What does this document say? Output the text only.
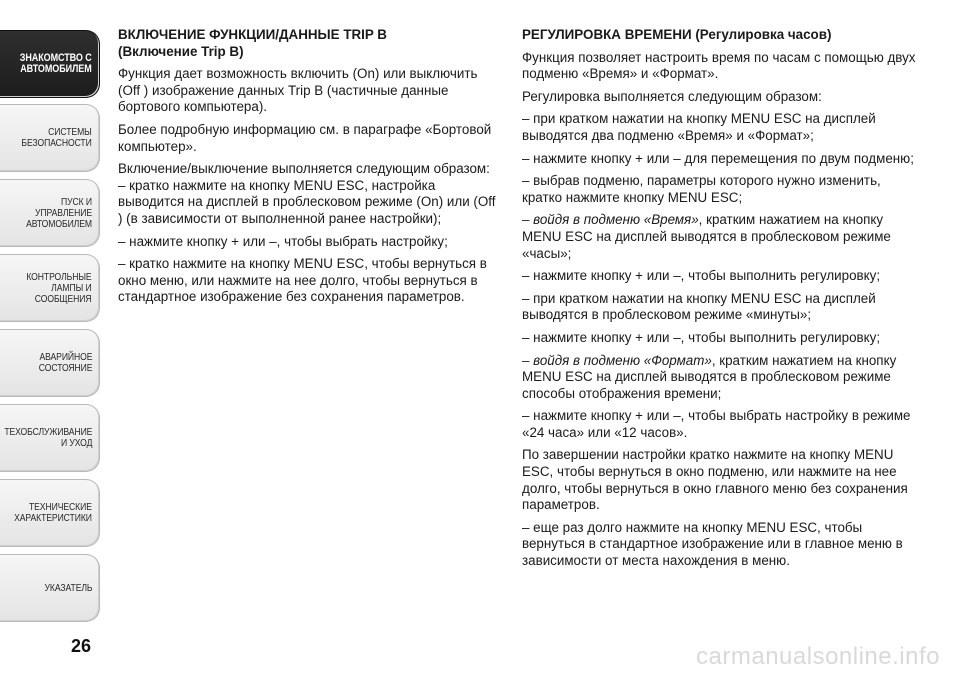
ЗНАКОМСТВО С
АВТОМОБИЛЕМ
СИСТЕМЫ
БЕЗОПАСНОСТИ
ПУСК И УПРАВЛЕНИЕ
АВТОМОБИЛЕМ
КОНТРОЛЬНЫЕ
ЛАМПЫ И
СООБЩЕНИЯ
АВАРИЙНОЕ
СОСТОЯНИЕ
ТЕХОБСЛУЖИВАНИЕ
И УХОД
ТЕХНИЧЕСКИЕ
ХАРАКТЕРИСТИКИ
УКАЗАТЕЛЬ
26
ВКЛЮЧЕНИЕ ФУНКЦИИ/ДАННЫЕ TRIP B
(Включение Trip B)

Функция дает возможность включить (On) или выключить (Off ) изображение данных Trip B (частичные данные бортового компьютера).

Более подробную информацию см. в параграфе «Бортовой компьютер».

Включение/выключение выполняется следующим образом:
– кратко нажмите на кнопку MENU ESC, настройка выводится на дисплей в проблесковом режиме (On) или (Off ) (в зависимости от выполненной ранее настройки);

– нажмите кнопку + или –, чтобы выбрать настройку;

– кратко нажмите на кнопку MENU ESC, чтобы вернуться в окно меню, или нажмите на нее долго, чтобы вернуться в стандартное изображение без сохранения параметров.

РЕГУЛИРОВКА ВРЕМЕНИ (Регулировка часов)

Функция позволяет настроить время по часам с помощью двух подменю «Время» и «Формат».

Регулировка выполняется следующим образом:

– при кратком нажатии на кнопку MENU ESC на дисплей выводятся два подменю «Время» и «Формат»;

– нажмите кнопку + или – для перемещения по двум подменю;

– выбрав подменю, параметры которого нужно изменить, кратко нажмите кнопку MENU ESC;

– войдя в подменю «Время», кратким нажатием на кнопку MENU ESC на дисплей выводятся в проблесковом режиме «часы»;

– нажмите кнопку + или –, чтобы выполнить регулировку;

– при кратком нажатии на кнопку MENU ESC на дисплей выводятся в проблесковом режиме «минуты»;

– нажмите кнопку + или –, чтобы выполнить регулировку;

– войдя в подменю «Формат», кратким нажатием на кнопку MENU ESC на дисплей выводятся в проблесковом режиме способы отображения времени;

– нажмите кнопку + или –, чтобы выбрать настройку в режиме «24 часа» или «12 часов».

По завершении настройки кратко нажмите на кнопку MENU ESC, чтобы вернуться в окно подменю, или нажмите на нее долго, чтобы вернуться в окно главного меню без сохранения параметров.

– еще раз долго нажмите на кнопку MENU ESC, чтобы вернуться в стандартное изображение или в главное меню в зависимости от места нахождения в меню.

carmanualsonline.info
